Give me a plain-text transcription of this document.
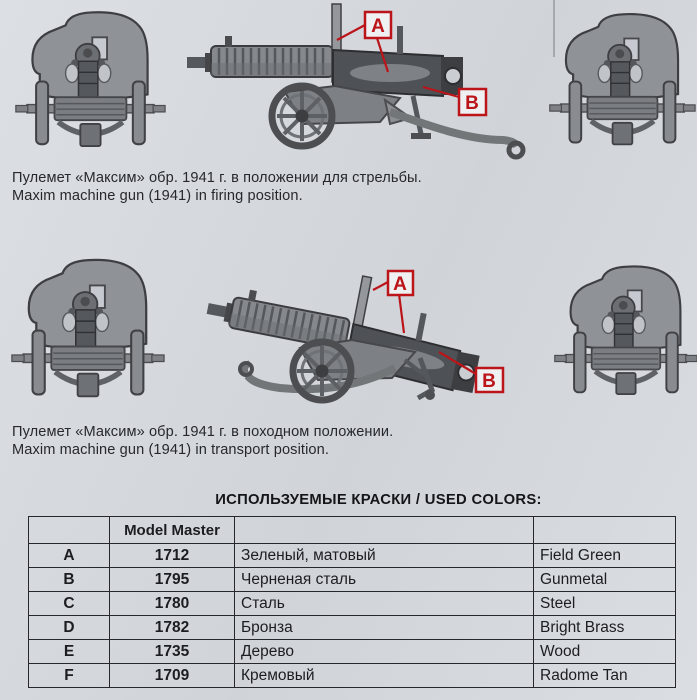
A
B
Пулемет «Максим» обр. 1941 г. в положении для стрельбы.
Maxim machine gun (1941) in firing position.
A
B
Пулемет «Максим» обр. 1941 г. в походном положении.
Maxim machine gun (1941) in transport position.
ИСПОЛЬЗУЕМЫЕ КРАСКИ / USED COLORS:
	Model Master		
A	1712	Зеленый, матовый	Field Green
B	1795	Черненая сталь	Gunmetal
C	1780	Сталь	Steel
D	1782	Бронза	Bright Brass
E	1735	Дерево	Wood
F	1709	Кремовый	Radome Tan
